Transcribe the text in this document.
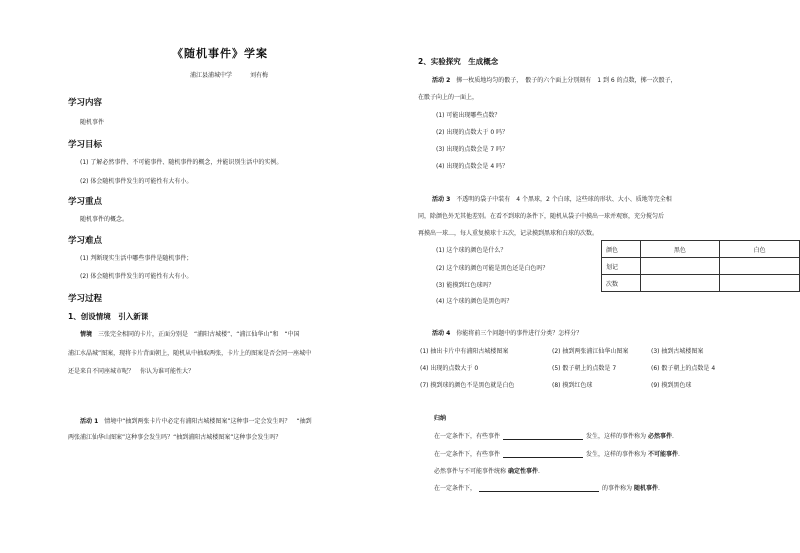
《随机事件》学案
浦江县浦城中学　　　刘有梅
学习内容
随机事件
学习目标
(1) 了解必然事件、不可能事件、随机事件的概念，并能识别生活中的实例。
(2) 体会随机事件发生的可能性有大有小。
学习重点
随机事件的概念。
学习难点
(1) 判断现实生活中哪些事件是随机事件；
(2) 体会随机事件发生的可能性有大有小。
学习过程
1、创设情境　引入新课
情境　三张完全相同的卡片，正面分别是　“浦阳古城楼”、“浦江仙华山”和　“中国
浦江水晶城”图案，现将卡片背面朝上，随机从中抽取两张，卡片上的图案是否会同一座城中
还是来自不同座城市呢？　你认为谁可能性大？
活动 1　情境中“抽到两张卡片中必定有浦阳古城楼图案”这种事一定会发生吗？　“抽到
两张浦江仙华山图案”这种事会发生吗？“抽到浦阳古城楼图案”这种事会发生吗？
2、实验探究　生成概念
活动 2　掷一枚质地均匀的骰子，　骰子的六个面上分别刻有　1 到 6 的点数，掷一次骰子，
在骰子向上的一面上，
(1) 可能出现哪些点数？
(2) 出现的点数大于 0 吗？
(3) 出现的点数会是 7 吗？
(4) 出现的点数会是 4 吗？
活动 3　不透明的袋子中装有　4 个黑球，2 个白球，这些球的形状、大小、质地等完全相
同，除颜色外无其他差别。在看不到球的条件下，随机从袋子中摸出一球并观察，充分搅匀后
再摸出一球…，每人重复摸球十五次，记录摸到黑球和白球的次数。
(1) 这个球的颜色是什么？
(2) 这个球的颜色可能是黑色还是白色吗？
(3) 能摸到红色球吗？
(4) 这个球的颜色是黑色吗？
颜色	黑色	白色
划记		
次数		
活动 4　你能将前三个问题中的事件进行分类？怎样分？
(1) 抽出卡片中有浦阳古城楼图案	(2) 抽到两张浦江仙华山图案	(3) 抽到古城楼图案
(4) 出现的点数大于 0	(5) 骰子朝上的点数是 7	(6) 骰子朝上的点数是 4
(7) 摸到球的颜色不是黑色就是白色	(8) 摸到红色球	(9) 摸到黑色球
归纳
在一定条件下，有些事件	发生，这样的事件称为 必然事件.
在一定条件下，有些事件	发生，这样的事件称为 不可能事件.
必然事件与不可能事件统称 确定性事件.
在一定条件下，	的事件称为 随机事件.
